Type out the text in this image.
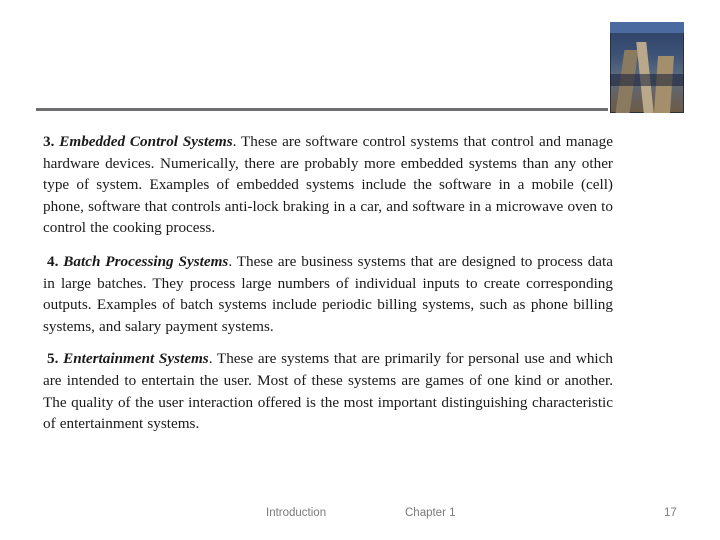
3. Embedded Control Systems. These are software control systems that control and manage hardware devices. Numerically, there are probably more embedded systems than any other type of system. Examples of embedded systems include the software in a mobile (cell) phone, software that controls anti-lock braking in a car, and software in a microwave oven to control the cooking process.

4. Batch Processing Systems. These are business systems that are designed to process data in large batches. They process large numbers of individual inputs to create corresponding outputs. Examples of batch systems include periodic billing systems, such as phone billing systems, and salary payment systems.

5. Entertainment Systems. These are systems that are primarily for personal use and which are intended to entertain the user. Most of these systems are games of one kind or another. The quality of the user interaction offered is the most important distinguishing characteristic of entertainment systems.

Introduction	Chapter 1	17
